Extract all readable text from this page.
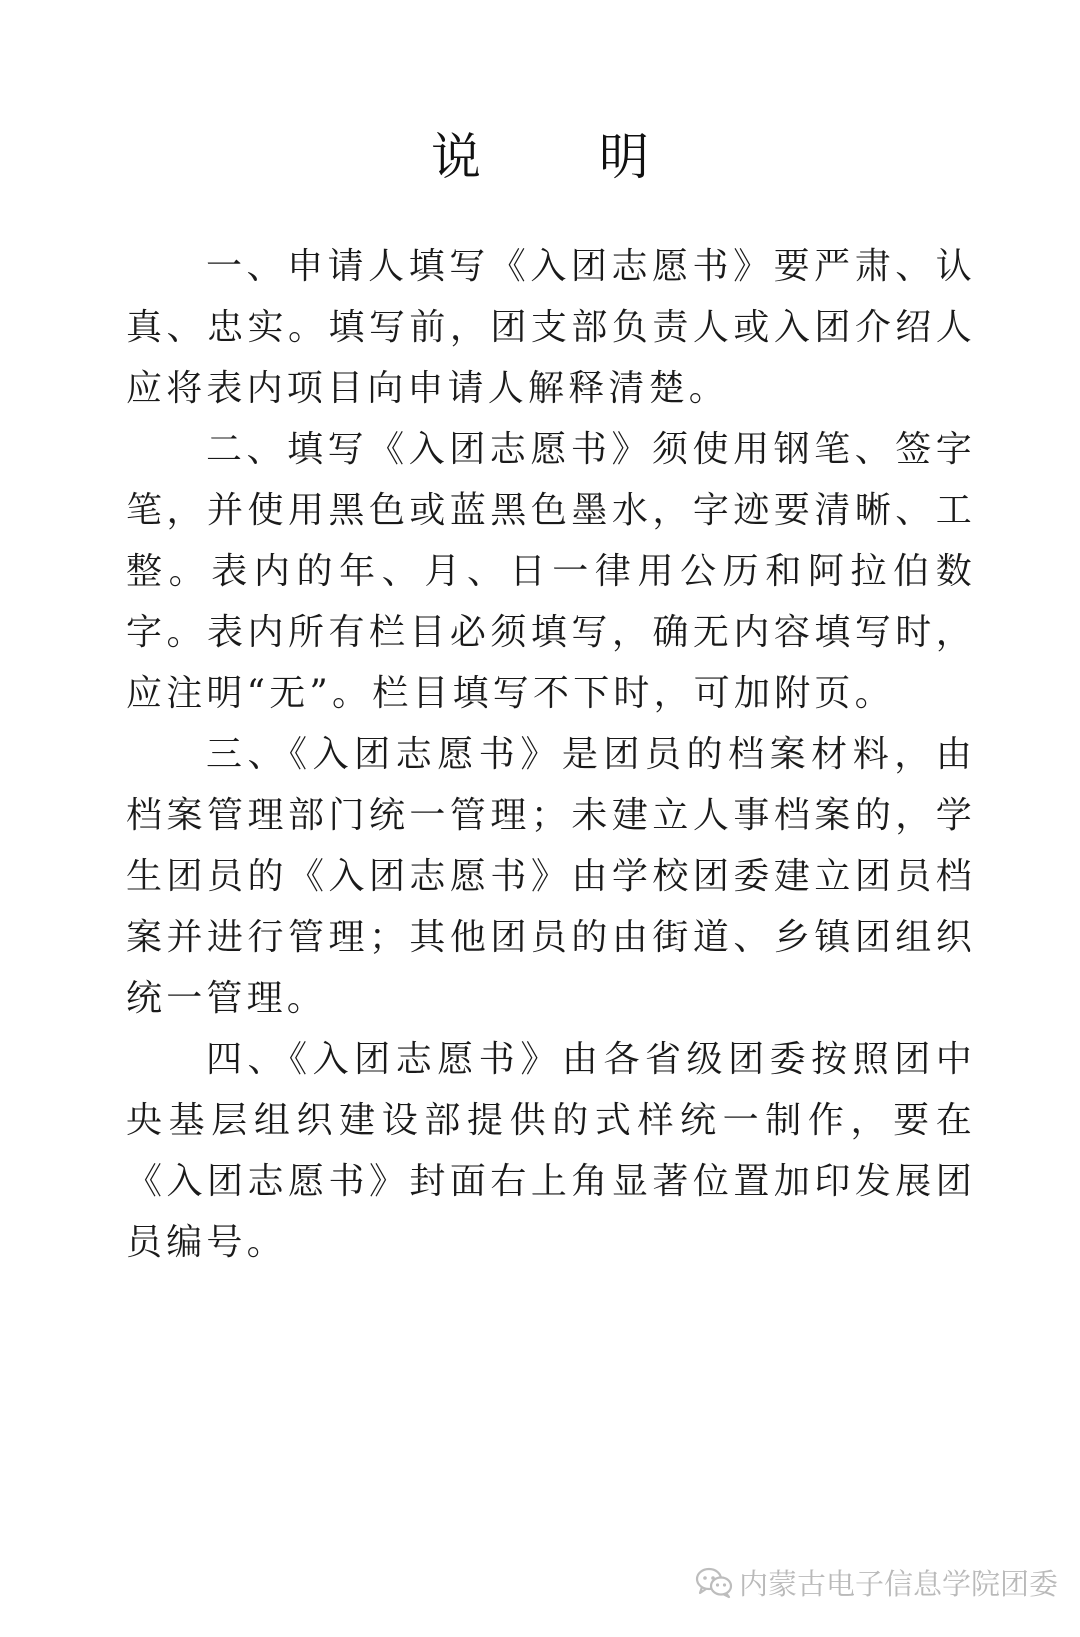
说　明

一、申请人填写《入团志愿书》要严肃、认真、忠实。填写前，团支部负责人或入团介绍人应将表内项目向申请人解释清楚。

二、填写《入团志愿书》须使用钢笔、签字笔，并使用黑色或蓝黑色墨水，字迹要清晰、工整。表内的年、月、日一律用公历和阿拉伯数字。表内所有栏目必须填写，确无内容填写时，应注明“无”。栏目填写不下时，可加附页。

三、《入团志愿书》是团员的档案材料，由档案管理部门统一管理；未建立人事档案的，学生团员的《入团志愿书》由学校团委建立团员档案并进行管理；其他团员的由街道、乡镇团组织统一管理。

四、《入团志愿书》由各省级团委按照团中央基层组织建设部提供的式样统一制作，要在《入团志愿书》封面右上角显著位置加印发展团员编号。

内蒙古电子信息学院团委
